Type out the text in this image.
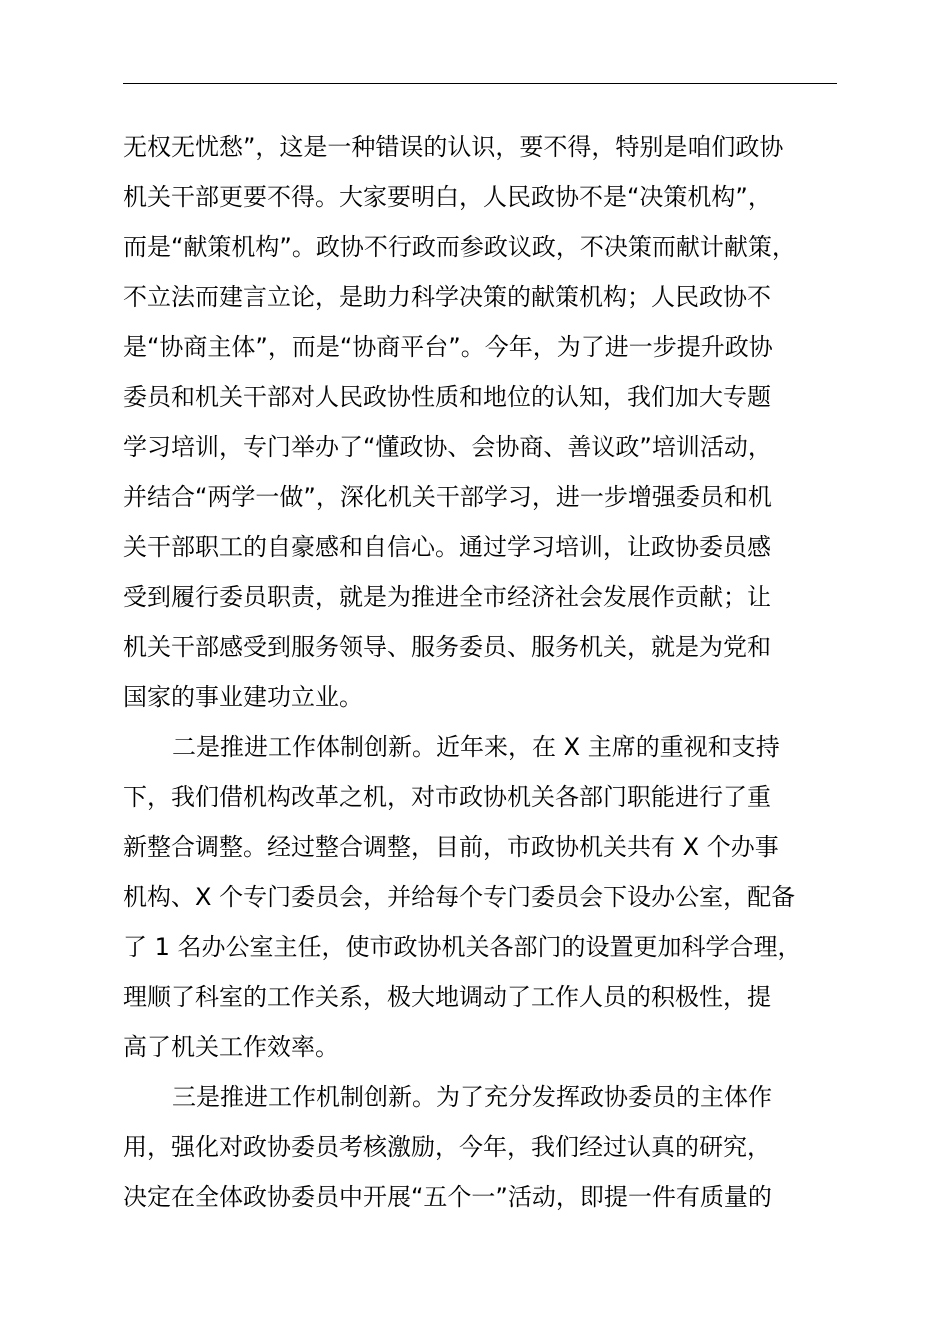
无权无忧愁”，这是一种错误的认识，要不得，特别是咱们政协
机关干部更要不得。大家要明白，人民政协不是“决策机构”，
而是“献策机构”。政协不行政而参政议政，不决策而献计献策，
不立法而建言立论，是助力科学决策的献策机构；人民政协不
是“协商主体”，而是“协商平台”。今年，为了进一步提升政协
委员和机关干部对人民政协性质和地位的认知，我们加大专题
学习培训，专门举办了“懂政协、会协商、善议政”培训活动，
并结合“两学一做”，深化机关干部学习，进一步增强委员和机
关干部职工的自豪感和自信心。通过学习培训，让政协委员感
受到履行委员职责，就是为推进全市经济社会发展作贡献；让
机关干部感受到服务领导、服务委员、服务机关，就是为党和
国家的事业建功立业。
二是推进工作体制创新。近年来，在 X 主席的重视和支持
下，我们借机构改革之机，对市政协机关各部门职能进行了重
新整合调整。经过整合调整，目前，市政协机关共有 X 个办事
机构、X 个专门委员会，并给每个专门委员会下设办公室，配备
了 1 名办公室主任，使市政协机关各部门的设置更加科学合理，
理顺了科室的工作关系，极大地调动了工作人员的积极性，提
高了机关工作效率。
三是推进工作机制创新。为了充分发挥政协委员的主体作
用，强化对政协委员考核激励，今年，我们经过认真的研究，
决定在全体政协委员中开展“五个一”活动，即提一件有质量的
